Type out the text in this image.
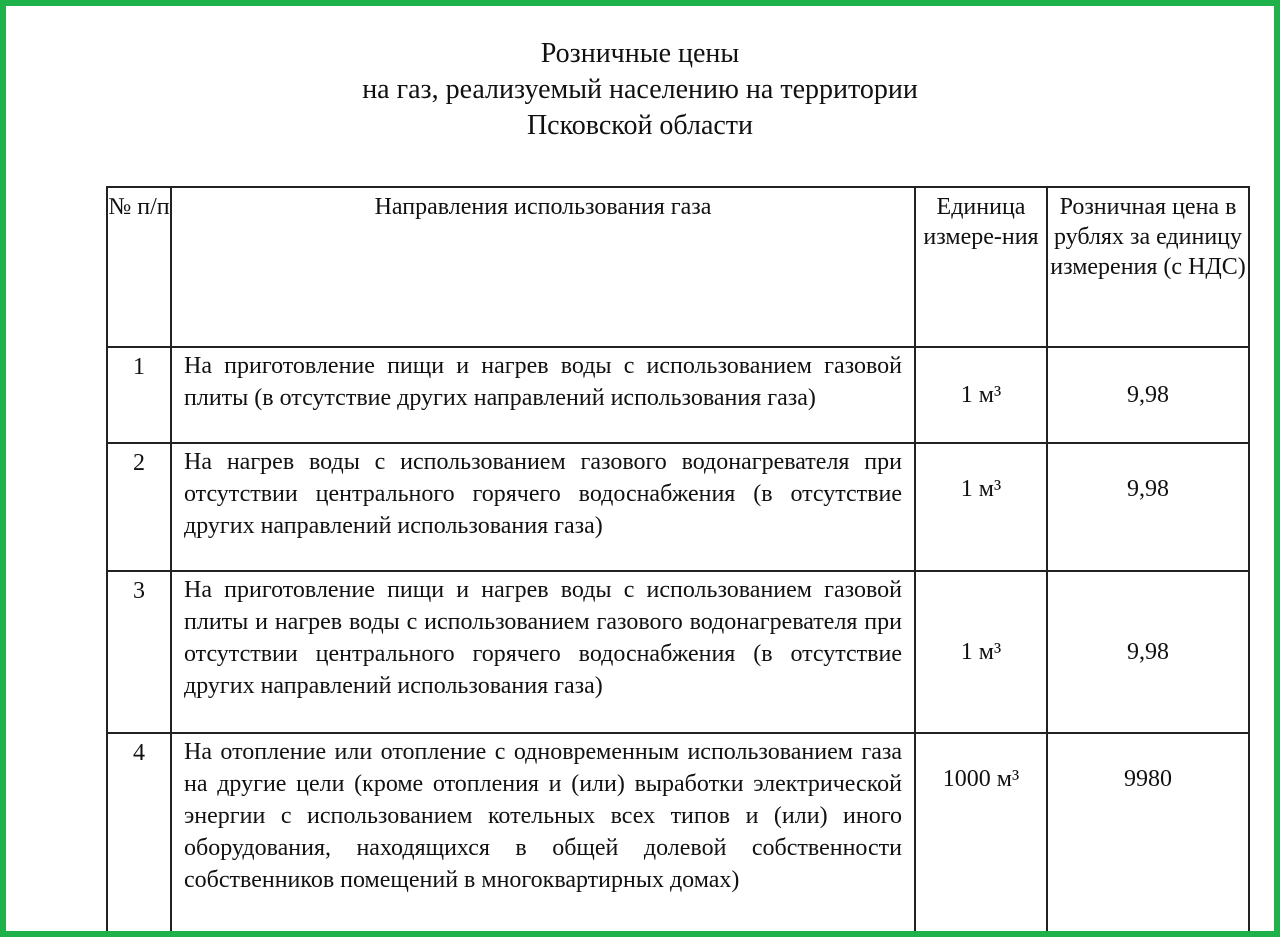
Розничные цены
на газ, реализуемый населению на территории
Псковской области
№ п/п	Направления использования газа	Единица измере-ния	Розничная цена в рублях за единицу измерения (с НДС)
1	На приготовление пищи и нагрев воды с использованием газовой плиты (в отсутствие других направлений использования газа)	1 м³	9,98
2	На нагрев воды с использованием газового водонагревателя при отсутствии центрального горячего водоснабжения (в отсутствие других направлений использования газа)	1 м³	9,98
3	На приготовление пищи и нагрев воды с использованием газовой плиты и нагрев воды с использованием газового водонагревателя при отсутствии центрального горячего водоснабжения (в отсутствие других направлений использования газа)	1 м³	9,98
4	На отопление или отопление с одновременным использованием газа на другие цели (кроме отопления и (или) выработки электрической энергии с использованием котельных всех типов и (или) иного оборудования, находящихся в общей долевой собственности собственников помещений в многоквартирных домах)	1000 м³	9980
